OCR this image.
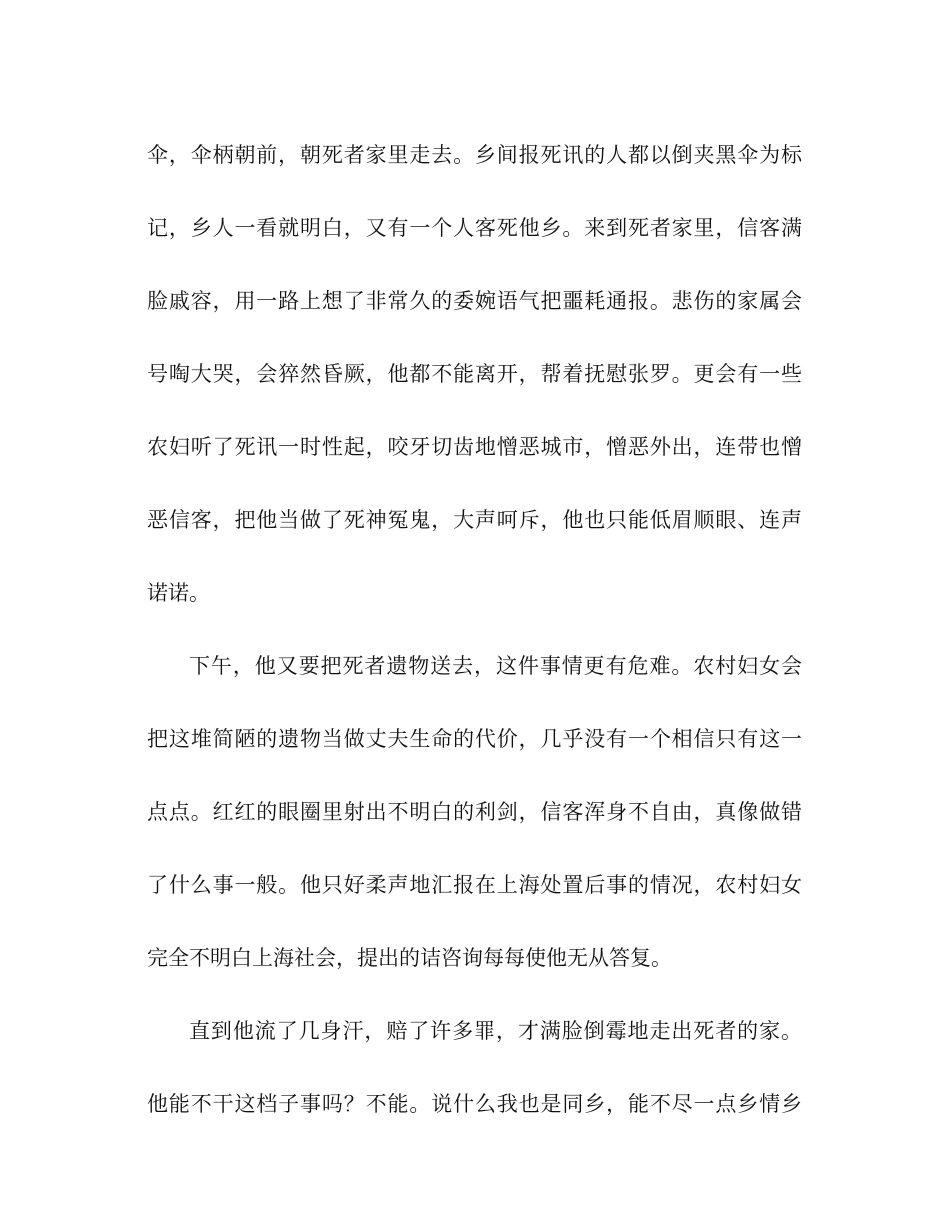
伞，伞柄朝前，朝死者家里走去。乡间报死讯的人都以倒夹黑伞为标
记，乡人一看就明白，又有一个人客死他乡。来到死者家里，信客满
脸戚容，用一路上想了非常久的委婉语气把噩耗通报。悲伤的家属会
号啕大哭，会猝然昏厥，他都不能离开，帮着抚慰张罗。更会有一些
农妇听了死讯一时性起，咬牙切齿地憎恶城市，憎恶外出，连带也憎
恶信客，把他当做了死神冤鬼，大声呵斥，他也只能低眉顺眼、连声
诺诺。
下午，他又要把死者遗物送去，这件事情更有危难。农村妇女会
把这堆简陋的遗物当做丈夫生命的代价，几乎没有一个相信只有这一
点点。红红的眼圈里射出不明白的利剑，信客浑身不自由，真像做错
了什么事一般。他只好柔声地汇报在上海处置后事的情况，农村妇女
完全不明白上海社会，提出的诘咨询每每使他无从答复。
直到他流了几身汗，赔了许多罪，才满脸倒霉地走出死者的家。
他能不干这档子事吗？不能。说什么我也是同乡，能不尽一点乡情乡
